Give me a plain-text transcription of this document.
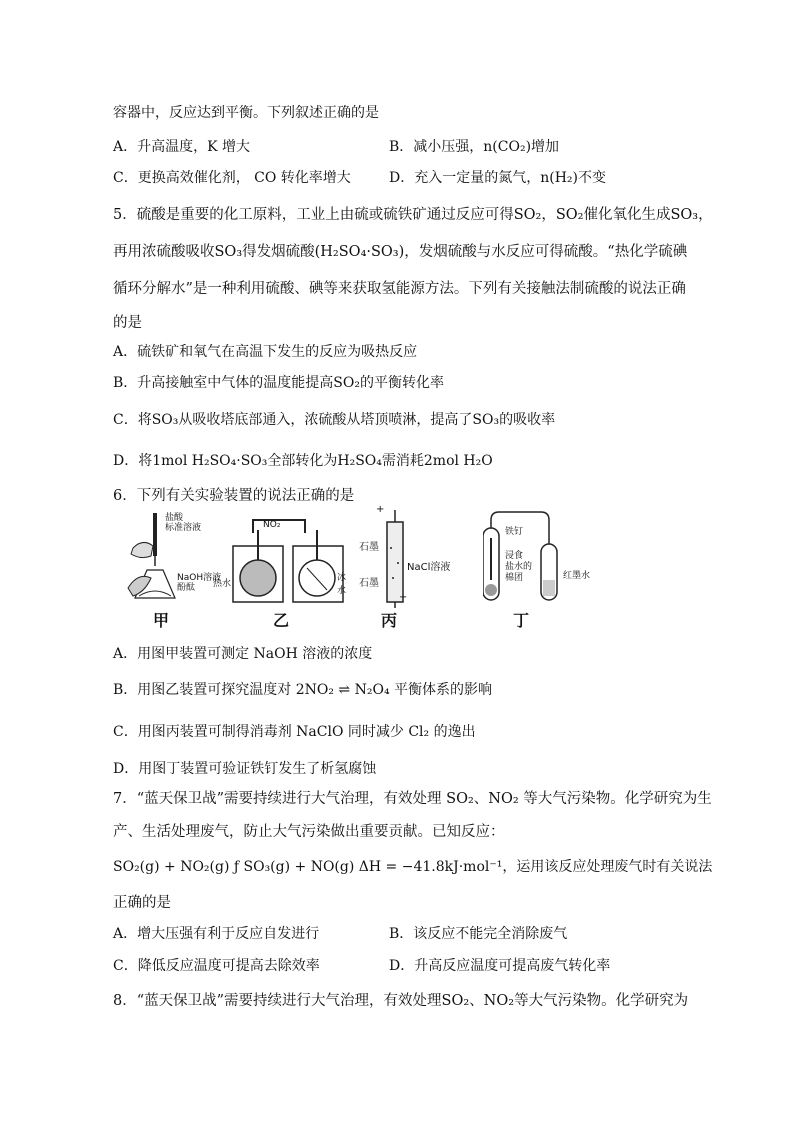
容器中，反应达到平衡。下列叙述正确的是
A．升高温度，K 增大	B．减小压强，n(CO₂)增加
C．更换高效催化剂， CO 转化率增大	D．充入一定量的氮气，n(H₂)不变
5．硫酸是重要的化工原料，工业上由硫或硫铁矿通过反应可得SO₂，SO₂催化氧化生成SO₃，
再用浓硫酸吸收SO₃得发烟硫酸(H₂SO₄·SO₃)，发烟硫酸与水反应可得硫酸。“热化学硫碘
循环分解水”是一种利用硫酸、碘等来获取氢能源方法。下列有关接触法制硫酸的说法正确
的是
A．硫铁矿和氧气在高温下发生的反应为吸热反应
B．升高接触室中气体的温度能提高SO₂的平衡转化率
C．将SO₃从吸收塔底部通入，浓硫酸从塔顶喷淋，提高了SO₃的吸收率
D．将1mol H₂SO₄·SO₃全部转化为H₂SO₄需消耗2mol H₂O
6．下列有关实验装置的说法正确的是
盐酸
标准溶液
NaOH溶液
酚酞
甲
NO₂
热水
冰水
乙
+
−
石墨
石墨
NaCl溶液
丙
铁钉
浸食
盐水的
棉团	红墨水
丁
A．用图甲装置可测定 NaOH 溶液的浓度
B．用图乙装置可探究温度对 2NO₂ ⇌ N₂O₄ 平衡体系的影响
C．用图丙装置可制得消毒剂 NaClO 同时减少 Cl₂ 的逸出
D．用图丁装置可验证铁钉发生了析氢腐蚀
7．“蓝天保卫战”需要持续进行大气治理，有效处理 SO₂、NO₂ 等大气污染物。化学研究为生
产、生活处理废气，防止大气污染做出重要贡献。已知反应：
SO₂(g) + NO₂(g) ƒ SO₃(g) + NO(g) ΔH = −41.8kJ·mol⁻¹，运用该反应处理废气时有关说法
正确的是
A．增大压强有利于反应自发进行	B．该反应不能完全消除废气
C．降低反应温度可提高去除效率	D．升高反应温度可提高废气转化率
8．“蓝天保卫战”需要持续进行大气治理，有效处理SO₂、NO₂等大气污染物。化学研究为
